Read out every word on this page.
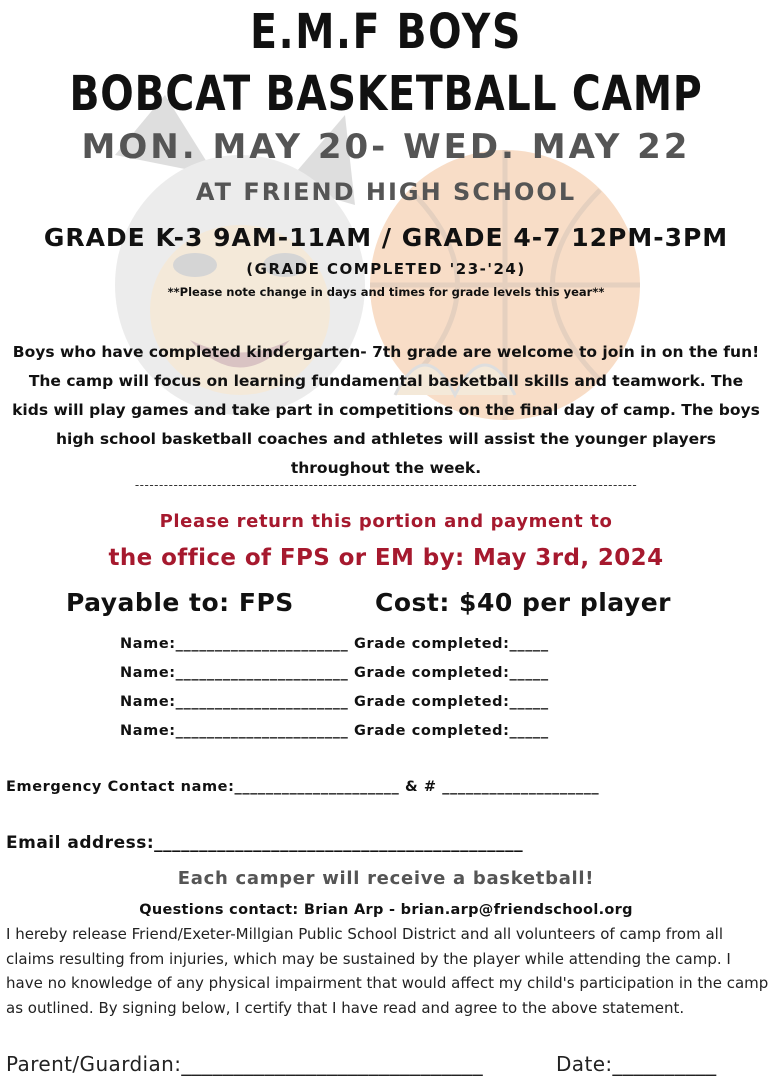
E.M.F BOYS
BOBCAT BASKETBALL CAMP
MON. MAY 20- WED. MAY 22
AT FRIEND HIGH SCHOOL
GRADE K-3 9AM-11AM / GRADE 4-7 12PM-3PM
(GRADE COMPLETED '23-'24)
**Please note change in days and times for grade levels this year**
Boys who have completed kindergarten- 7th grade are welcome to join in on the fun! The camp will focus on learning fundamental basketball skills and teamwork. The kids will play games and take part in competitions on the final day of camp. The boys high school basketball coaches and athletes will assist the younger players throughout the week.
--------------------------------------------------------------------------------------------------------
Please return this portion and payment to
the office of FPS or EM by: May 3rd, 2024
Payable to: FPS	Cost: $40 per player
Name:______________________ Grade completed:_____
Name:______________________ Grade completed:_____
Name:______________________ Grade completed:_____
Name:______________________ Grade completed:_____
Emergency Contact name:_____________________ & # ____________________
Email address:_________________________________________
Each camper will receive a basketball!
Questions contact: Brian Arp - brian.arp@friendschool.org
I hereby release Friend/Exeter-Millgian Public School District and all volunteers of camp from all claims resulting from injuries, which may be sustained by the player while attending the camp. I have no knowledge of any physical impairment that would affect my child's participation in the camp as outlined. By signing below, I certify that I have read and agree to the above statement.
Parent/Guardian:_____________________________	Date:__________
